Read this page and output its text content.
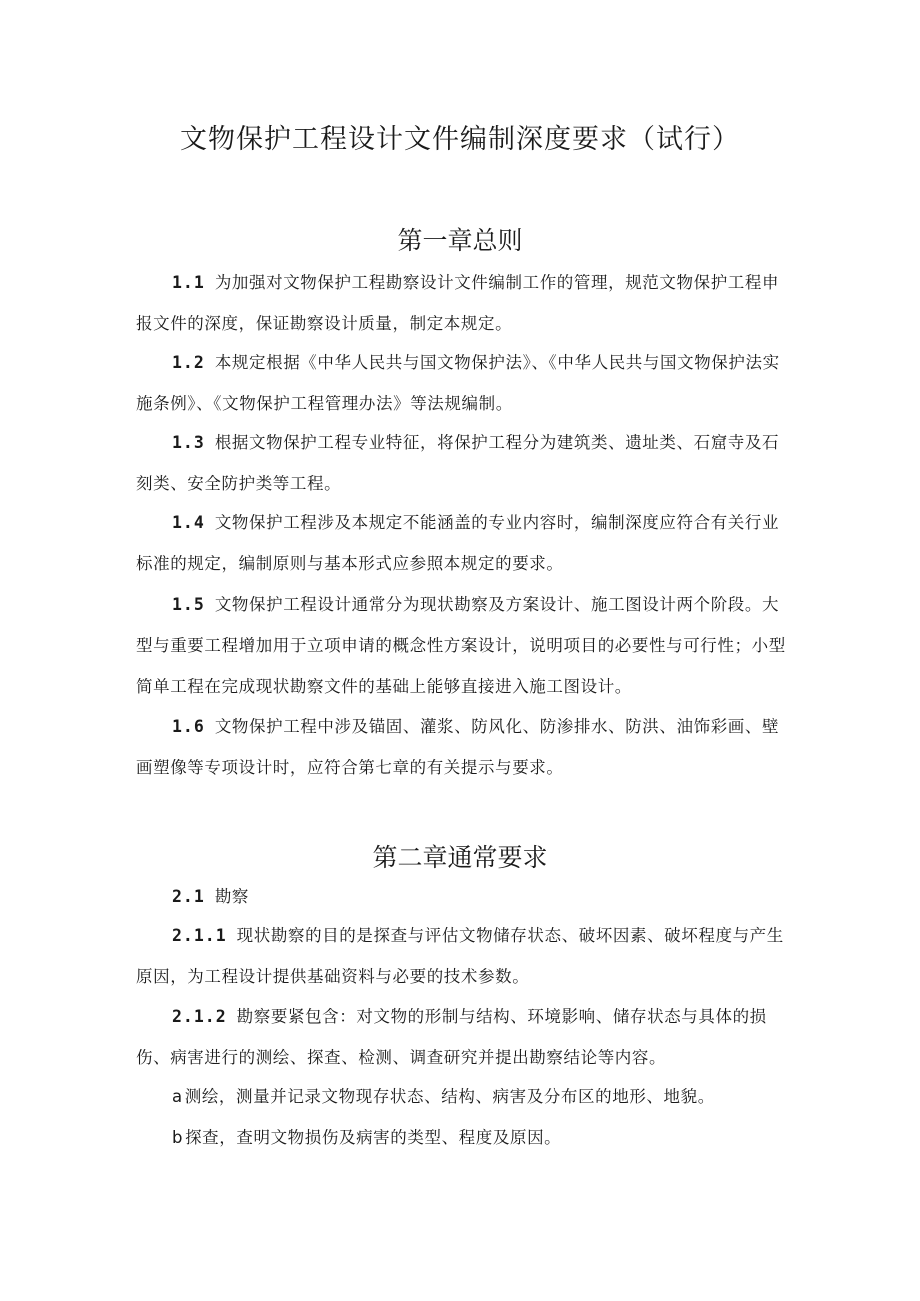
文物保护工程设计文件编制深度要求（试行）
第一章总则

1.1 为加强对文物保护工程勘察设计文件编制工作的管理，规范文物保护工程申报文件的深度，保证勘察设计质量，制定本规定。

1.2 本规定根据《中华人民共与国文物保护法》、《中华人民共与国文物保护法实施条例》、《文物保护工程管理办法》等法规编制。

1.3 根据文物保护工程专业特征，将保护工程分为建筑类、遗址类、石窟寺及石刻类、安全防护类等工程。

1.4 文物保护工程涉及本规定不能涵盖的专业内容时，编制深度应符合有关行业标准的规定，编制原则与基本形式应参照本规定的要求。

1.5 文物保护工程设计通常分为现状勘察及方案设计、施工图设计两个阶段。大型与重要工程增加用于立项申请的概念性方案设计，说明项目的必要性与可行性；小型简单工程在完成现状勘察文件的基础上能够直接进入施工图设计。

1.6 文物保护工程中涉及锚固、灌浆、防风化、防渗排水、防洪、油饰彩画、壁画塑像等专项设计时，应符合第七章的有关提示与要求。

第二章通常要求

2.1 勘察

2.1.1 现状勘察的目的是探查与评估文物储存状态、破坏因素、破坏程度与产生原因，为工程设计提供基础资料与必要的技术参数。

2.1.2 勘察要紧包含：对文物的形制与结构、环境影响、储存状态与具体的损伤、病害进行的测绘、探查、检测、调查研究并提出勘察结论等内容。

a 测绘，测量并记录文物现存状态、结构、病害及分布区的地形、地貌。

b 探查，查明文物损伤及病害的类型、程度及原因。
